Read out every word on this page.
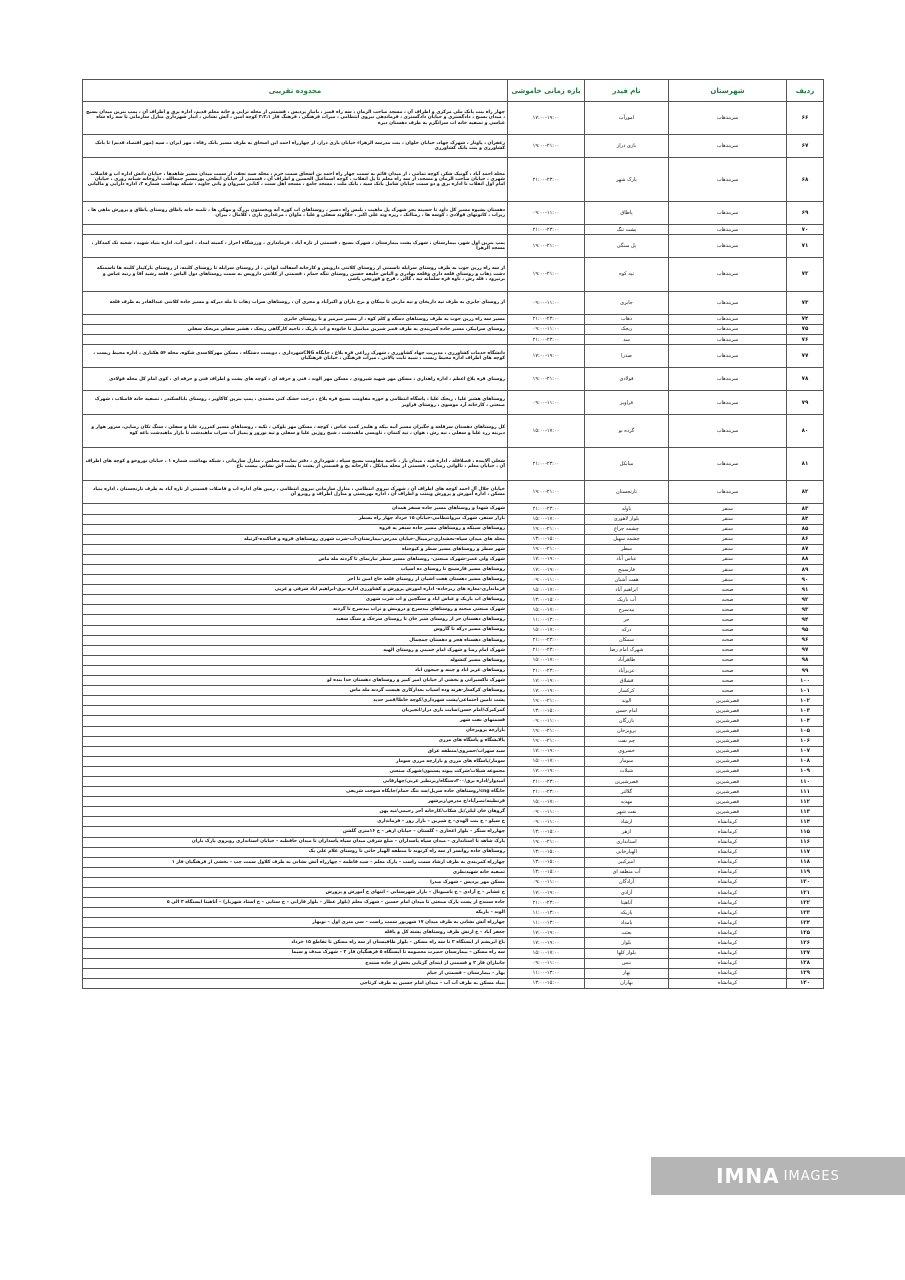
ردیف	شهرستان	نام فیدر	بازه زمانی خاموشی	محدوده تقریبی
۶۶	سربندهاب	امورآب	۱۷:۰۰-۱۹:۰۰	چهار راه بنت بانک ملی مرکزی و اطراف آن ، مسجد صاحب الزمان ، سه راه قصر ، بانیاز پردیس ، قسمتی از محله ترابی و خانه معلم قدیم، اداره برق و اطراف آن ، پمپ بنزین میدان بسیج ، میدان بسیج ، دادگستری و خیابان دادگستری ، فرماندهی نیروی انتظامی ، میراث فرهنگی ، فرهنگ فاز ۳،۲،۱ کوچه امین ، آتش نشانی ، انبار شهرداری منازل سازمانی تا سه راه شاه عباسی و تصفیه خانه اب سرانگرم به طرف دهستان دیره
۶۷	سربندهاب	بازی دراز	۱۹:۰۰-۲۱:۰۰	زعفران ، پاوناز ، شهرک جهاد، خیابان حلوان ، بنت مدرسه الزهراء خیابان بازی دراز، از چهارراه احمد ابن اسحاق به طرف مسیر بانک رفاه ، مهر ایران ، سپه (مهر اقتصاد قدیم) تا بانک کشاورزی و بنت بانک کشاورزی
۶۸	سربندهاب	پارک شهر	۲۱:۰۰-۲۳:۰۰	محله احمد آباد ، گونیک شکر، کوچه تمامی ، از میدان قائم به سمت چهار راه احمد بن اسحاق سمت حرم ، محله سید نجف، از سمت میدان مسیر شاهدها ، خیابان دانش اداره اب و فاضلاب شهری ، خیابان صاحب الزمان و مسجد، از سه راه معلم تا پل انقلاب ، کوچه اسماعیل الحسین و اطراف آن ، قسمتی از خیابان ابطحی پورمسیر جمعالله ، داروخانه شبانه روزی ، خیابان امام اول انقلاب تا اداره برق و دو سمت خیابان شامل بانک سپه ، بانک ملت ، مسجد جامع ، مسجد اهل سنت ، کتابی سیروان و پانی جاوید ، شبکه بهداشت شماره ۲، اداره دارایی و مالیاتی
۶۹	سربندهاب	پاطاق	۰۹:۰۰-۱۱:۰۰	دهستان بشیوه مسیر کل داود تا حسینه بجز شهرک پل ماهیت ، پلیس راه دسیر ، روستاهای اب کوره آنه ویخستون بزرگ و مهکی ها ، تلمبه خانه پاطاق روستای پاطاق و پرورش ماهی ها ، ریزاب ، کانونهای فولادی ، کوسه ها ، رضاانک ، ریزه وند علی اکبر ، جلالوند سفلی و علیا ، ماوان ، مرغداری بازی ، کلامال ، بیران
۷۰	سربندهاب	پشت تنگ	۲۱:۰۰-۲۳:۰۰	
۷۱	سربندهاب	پل سنگی	۱۹:۰۰-۲۱:۰۰	پمپ بنزین اول شهر، بیمارستان ، شهرک پشت بیمارستان ، شهرک بسیج ، قسمتی از تازه آباد ، فرمانداری ، ورزشگاه احرار ، کمیته امداد ، امور آب، اداره بنیاد شهید ، شعبه تک کمدکاز ، مسجد الزهرا
۷۲	سربندهاب	تپه کوه	۱۹:۰۰-۲۱:۰۰	از سه راه زرین جوب به طرف روستای سرابله تاسمتی از روستای کلانتی داروپس و کارخانه آسفالت ایوانی ، از روستای سرابله تا روستای کلیته، از روستای بارکینار کلیته ها تاسمنکه دشت ذهاب و روستای قلعه داری وقلعه بهادری و الیاس خلیفه حسین روستای تنگه حمام ، قسمتی از کلانتی داروپس به سمت روستاهای دول الیاس ، قلعه رشید آقا و زنبه عباس و برنیزود ، قله رش ، تاوه قره سلمانه تپه ، گالی ، فرخ و قورنجی باشی
۷۳	سربندهاب	جابری	۰۹:۰۰-۱۱:۰۰	از روستای جابری به طرف تپه داریخان و تپه مارنی تا بینکان و برج باران و اکبرآباد و مجری آن ، روستاهای سراب ذهاب تا مله دیرکه و مسیر جاده کلانتی عبدالقادر به طرف قلعه
۷۴	سربندهاب	ذهاب	۲۱:۰۰-۲۳:۰۰	مسیر سه راه زرین جوب به طرف روستاهای دسگه و کلم کوه ، از مسیر میرمیر و تا روستای جابری
۷۵	سربندهاب	ریجک	۰۹:۰۰-۱۱:۰۰	روستای سراپیکر، مسیر جاده کمربندی به طرف قصر شیرین میانبیل تا خانوده و اب باریک ، تاجیه کارگاهی ریجک ، هشیر سفلی مریجک سفلی
۷۶	سربندهاب	سد	۲۱:۰۰-۲۳:۰۰	
۷۷	سربندهاب	صدرا	۱۷:۰۰-۱۹:۰۰	دانشگاه خدمات کشاورزی ، مدیریت جهاد کشاورزی ، شهرک زراعی قره بلاغ ، جایگاه CNGشهرداری ، دویست دستگاه ، مسکن مهرکلاسدی شکوه، محله ۵۴ هکتاری ، اداره محیط زیست ، کوچه های اطراف اداره محیط زیست ، تنبیه ثابت پالانی ، میراث فرهنگی ، خیابان فرهنگیان
۷۸	سربندهاب	فولادی	۱۹:۰۰-۲۱:۰۰	روستای قره بلاغ اعظم ، اداره راهداری ، مسکن مهر شهید شیرودی ، مسکن مهر الوند ، فنی و حرفه ای ، کوچه های پشت و اطراف فنی و حرفه ای ، کوی امام کل محله فولادی
۷۹	سربندهاب	فراویز	۰۹:۰۰-۱۱:۰۰	روستاهای هشیر علیا ، ریجک علیا ، پاسگاه انتظامی و حوزه مقاومت بسیج قره بلاغ ، درخت خشک کنی محمدی ، پمپ بنزین کاکاویز ، روستای بابالسکندر ، تصفیه خانه فاضلاب ، شهرک صنعتی ، کارخانه آرد موسوی ، روستای فراویز
۸۰	سربندهاب	گرده نو	۱۵:۰۰-۱۷:۰۰	کل روستاهای دهستان سرقلعه و جگیران مسیر آنبه بیکه و هلیدر کمپ عباس ، کوچه ، مسکن مهر بلوکی ، تکیه ، روستاهای مسیر کمرزرد علیا و سفلی ، سنگ تکان رضایی، سرور هوار و دیزینه زرد علیا و سفلی ، نیه رش ، هوان ، تپه کنمان ، تاویسی ماهیدشت ، شیخ روژین علیا و سفلی و تپه نوروز و پمپاژ آب سراب ماهیدشت تا بازار ماهیدشت باغه کوه
۸۱	سربندهاب	میانکل	۲۱:۰۰-۲۳:۰۰	شغلی آلاینده ، قصلاقله ، اداره فنه ، میدان بار ، ناحیه مقاومت بسیج سپاه ، شهرداری ، دفتر نماینده مجلس ، منازل سازمانی ، شبکه بهداشت شماره ۱ ، خیابان نوروخو و کوچه های اطراف آن ، خیابان معلم ، تالوانی رضایی ، قسمتی از محله میانکل ، کارخانه یخ و قسمتی از پشت تا پشت آش نشانی بیست باغ
۸۲	سربندهاب	نارنجستان	۱۹:۰۰-۲۱:۰۰	خیابان جلال آل احمد کوچه های اطراف آن ، شهرک نیروی انتظامی ، منازل سازمانی نیروی انتظامی ، زمین های اداره اب و فاضلاب قسمتی از تازه آباد به طرف نارنجستان ، اداره بنیاد مسکن ، اداره آموزش و پرورش وبنتب و اطراف آن ، اداره بهزیستی و منازل اطراف و روبرو آن
۸۳	سنقر	باوله	۲۱:۰۰-۲۳:۰۰	شهرک شهدا و روستاهای مسیر جاده سنقر همدان
۸۴	سنقر	بلوار لاهوری	۱۵:۰۰-۱۷:۰۰	بازار سنقر، شهرک نیروانتظامی-خیابان ۱۵ خرداد چهار راه بسطر
۸۵	سنقر	چشمه چراغ	۱۹:۰۰-۲۱:۰۰	روستاهای سینکه و روستاهای مسیر جاده سنقر به قروه
۸۶	سنقر	چشمه سهیل	۱۳:۰۰-۱۵:۰۰	محله های میدان سپاه-بخشداری-ترمینال-خیابان مدرس-بیمارستان-آب-شرب شهری روستاهای قروه و قباکنده-کرتیله
۸۷	سنقر	سطر	۱۹:۰۰-۲۱:۰۰	شهر سطر و روستاهای مسیر سطر و کیوختاه
۸۸	سنقر	عباس آباد	۱۷:۰۰-۱۹:۰۰	شهرک ولی عصر-شهرک صنعتی- روستاهای مسیر سطر تبارنمای تا گردنه مله ماس
۸۹	سنقر	فارسینج	۱۷:۰۰-۱۹:۰۰	روستاهای مسیر فارسینج تا روستای ده اسیاب
۹۰	سنقر	هفت آشیان	۰۹:۰۰-۱۱:۰۰	روستاهای مسیر دهستان هفت اشیان از روستای قلعه حاج امین تا احر
۹۱	صحنه	ابراهیم آباد	۱۵:۰۰-۱۷:۰۰	فرمانداری-مغازه های زیرجاده- اداره اموزش پرورش و کشاورزی اداره برق-ابراهیم اباد شرقی و غربی
۹۲	صحنه	آب باریک	۱۳:۰۰-۱۵:۰۰	روستاهای اب باریک و عباس اباد و سنگچین و اب شرب شهری
۹۳	صحنه	بیدسرخ	۱۵:۰۰-۱۷:۰۰	شهرک صنعتی صحنه و روستاهای بیدسرخ و دروبنش و تراب بیدسرخ تا گردنه
۹۴	صحنه	حر	۱۱:۰۰-۱۳:۰۰	روستاهای دهستان حر از روستای شیر خان تا روستای سرخک و سنگ سفید
۹۵	صحنه	درکه	۱۵:۰۰-۱۷:۰۰	روستاهای مسیر درکه تا گاروس
۹۶	صحنه	سمکان	۲۱:۰۰-۲۳:۰۰	روستاهای دهستاه هجر و دهستان چمچمال
۹۷	صحنه	شهرک امام رضا	۲۱:۰۰-۲۳:۰۰	شهرک امام رضا و شهرک امام خمینی و روستای الهیه
۹۸	صحنه	طاهرآباد	۱۵:۰۰-۱۷:۰۰	روستاهای مسیر کنشوله
۹۹	صحنه	عزیزآباد	۲۱:۰۰-۲۳:۰۰	روستاهای عزیز اباد و چینه و جیجون اباد
۱۰۰	صحنه	قشلاق	۱۷:۰۰-۱۹:۰۰	شهرک تاکسیرانی و بخشی از خیابان امیر کبیر و روستاهای دهستان خدا بنده لو
۱۰۱	صحنه	کرکسار	۱۷:۰۰-۱۹:۰۰	روستاهای کرکسار-هرنه وده اسیاب بعدازکاری هیست گردنه مله ماس
۱۰۲	قصرشیرین	الوند	۱۹:۰۰-۲۱:۰۰	پشت تامین اجتماعی/پشت شهرداری/کوچه خاطا/قصر جدید
۱۰۳	قصرشیرین	امام حسن	۱۳:۰۰-۱۵:۰۰	کمرکبرک/امام حسن/سایت بازی دراز/انجیریان
۱۰۴	قصرشیرین	بازرگان	۰۹:۰۰-۱۱:۰۰	قسمتهای نفت شهر
۱۰۵	قصرشیرین	پرویزخان	۱۹:۰۰-۲۱:۰۰	بازارچه پرویزخان
۱۰۶	قصرشیرین	چم نفت	۱۹:۰۰-۲۱:۰۰	پالایشگاه و پاسگاه های مرزی
۱۰۷	قصرشیرین	خسروی	۱۷:۰۰-۱۹:۰۰	سید سهراب/خسروی/منطقه عراق
۱۰۸	قصرشیرین	سومار	۱۵:۰۰-۱۷:۰۰	سومار/پاسگاه های مرزی و بازارچه مرزی سومار
۱۰۹	قصرشیرین	شیلات	۱۷:۰۰-۱۹:۰۰	مجموعه شیلات/شرکت پیوند پسیتون/شهرک صنعتی
۱۱۰	قصرشیرین	قصرشیرین	۲۱:۰۰-۲۳:۰۰	امیدوار/اداره برق/۳۰۰دستگاه/زیرنظیر غربی/چهارقایی
۱۱۱	قصرشیرین	گلالتر	۲۱:۰۰-۲۳:۰۰	جایگاه cng/روستاهای جاده سرپل/سد تنگ حمام/جایگاه سوخت شریفی
۱۱۲	قصرشیرین	مهدیه	۱۵:۰۰-۱۷:۰۰	قرنطینه/نصرآباد/خ مدرس/زیرشهر
۱۱۳	قصرشیرین	نفت شهر	۰۹:۰۰-۱۱:۰۰	گروهان خان لیلی/پل شکاب/کارخانه آجر رحیمی/تپه پهن
۱۱۴	کرمانشاه	ارشاد	۰۹:۰۰-۱۱:۰۰	خ سیلو – خ بنت الهدی– خ شیرین – بازار روز – فرمانداری
۱۱۵	کرمانشاه	ازهر	۱۳:۰۰-۱۵:۰۰	چهارراه سنگر – بلوار اعجازی – گلستان – خیابان ازهر – خ ۱۶متری گلشن
۱۱۶	کرمانشاه	استانداری	۱۹:۰۰-۲۱:۰۰	پارک شاهد تا استانداری – میدان سپاه پاسداران – ضلع شرقی میدان سپاه پاسداران تا میدان حافظیه – خیابان استانداری روبروی پارک باران
۱۱۷	کرمانشاه	الهیارخانی	۱۳:۰۰-۱۵:۰۰	روستاهای جاده روانسر از سه راه کرنوند تا منطقه الهیار خانی تا روستای غلام علی بک
۱۱۸	کرمانشاه	امیرکبیر	۱۳:۰۰-۱۵:۰۰	چهارراه کمربندی به طرف ارشاد سمت راست – پارک معلم – سید فاطمه – چهارراه آتش نشانی به طرف کلاول سمت چپ – بخشی از فرهنگیان فاز ۱
۱۱۹	کرمانشاه	آب منطقه ای	۱۳:۰۰-۱۵:۰۰	تصفیه خانه شهیدنظری
۱۲۰	کرمانشاه	آزادگان	۰۹:۰۰-۱۱:۰۰	مسکن مهر پردیس – شهرک صدرا
۱۲۱	کرمانشاه	آزادی	۱۷:۰۰-۱۹:۰۰	خ عشایر – خ آزادی – خ ناصیونال – بازار شهرستانی – انتهای خ آموزش و پرورش
۱۲۲	کرمانشاه	آتاهیتا	۲۱:۰۰-۲۳:۰۰	جاده سنندج از پست پارک صنعتی تا میدان امام حسین – شهرک معلم (بلوار عطار – بلوار فارابی – خ سنایی – خ استاد شهریار) – آتاهیتا ایستگاه ۳ الی ۵
۱۲۳	کرمانشاه	باریکه	۱۱:۰۰-۱۳:۰۰	الوند – باریکه
۱۲۴	کرمانشاه	بامداد	۱۱:۰۰-۱۳:۰۰	چهارراه آتش نشانی به طرف میدان ۱۷ شهریور سمت راست – سی متری اول – نوبهار
۱۲۵	کرمانشاه	بعثت	۱۷:۰۰-۱۹:۰۰	جعفر آباد – خ ارتش طرف روستاهای پشته کل و باقله
۱۲۶	کرمانشاه	بلوار	۱۷:۰۰-۱۹:۰۰	باغ ابریشم از ایستگاه ۲ تا سه راه مسکن – بلوار طاقبستان از سه راه مسکن تا تقاطع ۱۵ خرداد
۱۲۷	کرمانشاه	بلوار کلها	۱۵:۰۰-۱۷:۰۰	سه راه مسکن – بیمارستان حضرت معصومه تا ایستگاه ۵ فرهنگیان فاز ۲ – شهرک صدف و سیما
۱۲۸	کرمانشاه	بنس	۰۹:۰۰-۱۱:۰۰	جانبازان فاز ۲ و قسمتی از ابتدای گرنایی بخش از جاده سنندج
۱۲۹	کرمانشاه	بهار	۱۱:۰۰-۱۳:۰۰	بهار – بیمارستان – قسمتی از خیام
۱۳۰	کرمانشاه	بهاران	۱۳:۰۰-۱۵:۰۰	بنیاد مسکن به طرف آب آب – میدان امام حسین به طرف کرتاجی
IMNA IMAGES
